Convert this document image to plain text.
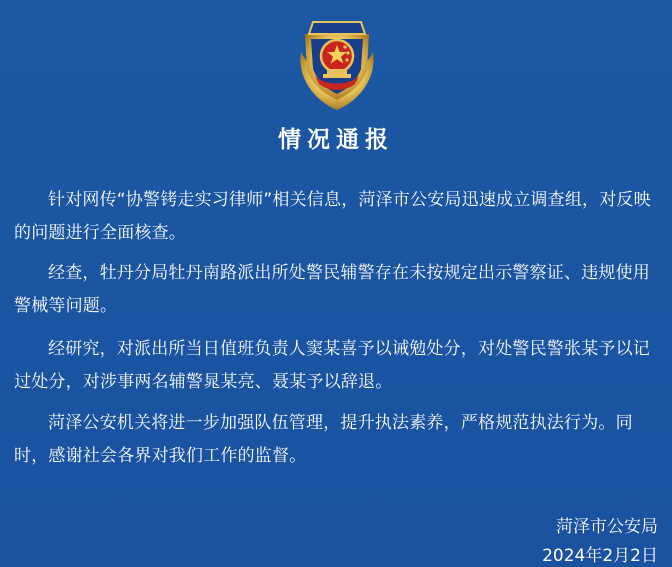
情况通报
针对网传“协警铐走实习律师”相关信息，菏泽市公安局迅速成立调查组，对反映的问题进行全面核查。
经查，牡丹分局牡丹南路派出所处警民辅警存在未按规定出示警察证、违规使用警械等问题。
经研究，对派出所当日值班负责人窦某喜予以诫勉处分，对处警民警张某予以记过处分，对涉事两名辅警晁某亮、聂某予以辞退。
菏泽公安机关将进一步加强队伍管理，提升执法素养，严格规范执法行为。同时，感谢社会各界对我们工作的监督。
菏泽市公安局
2024年2月2日
